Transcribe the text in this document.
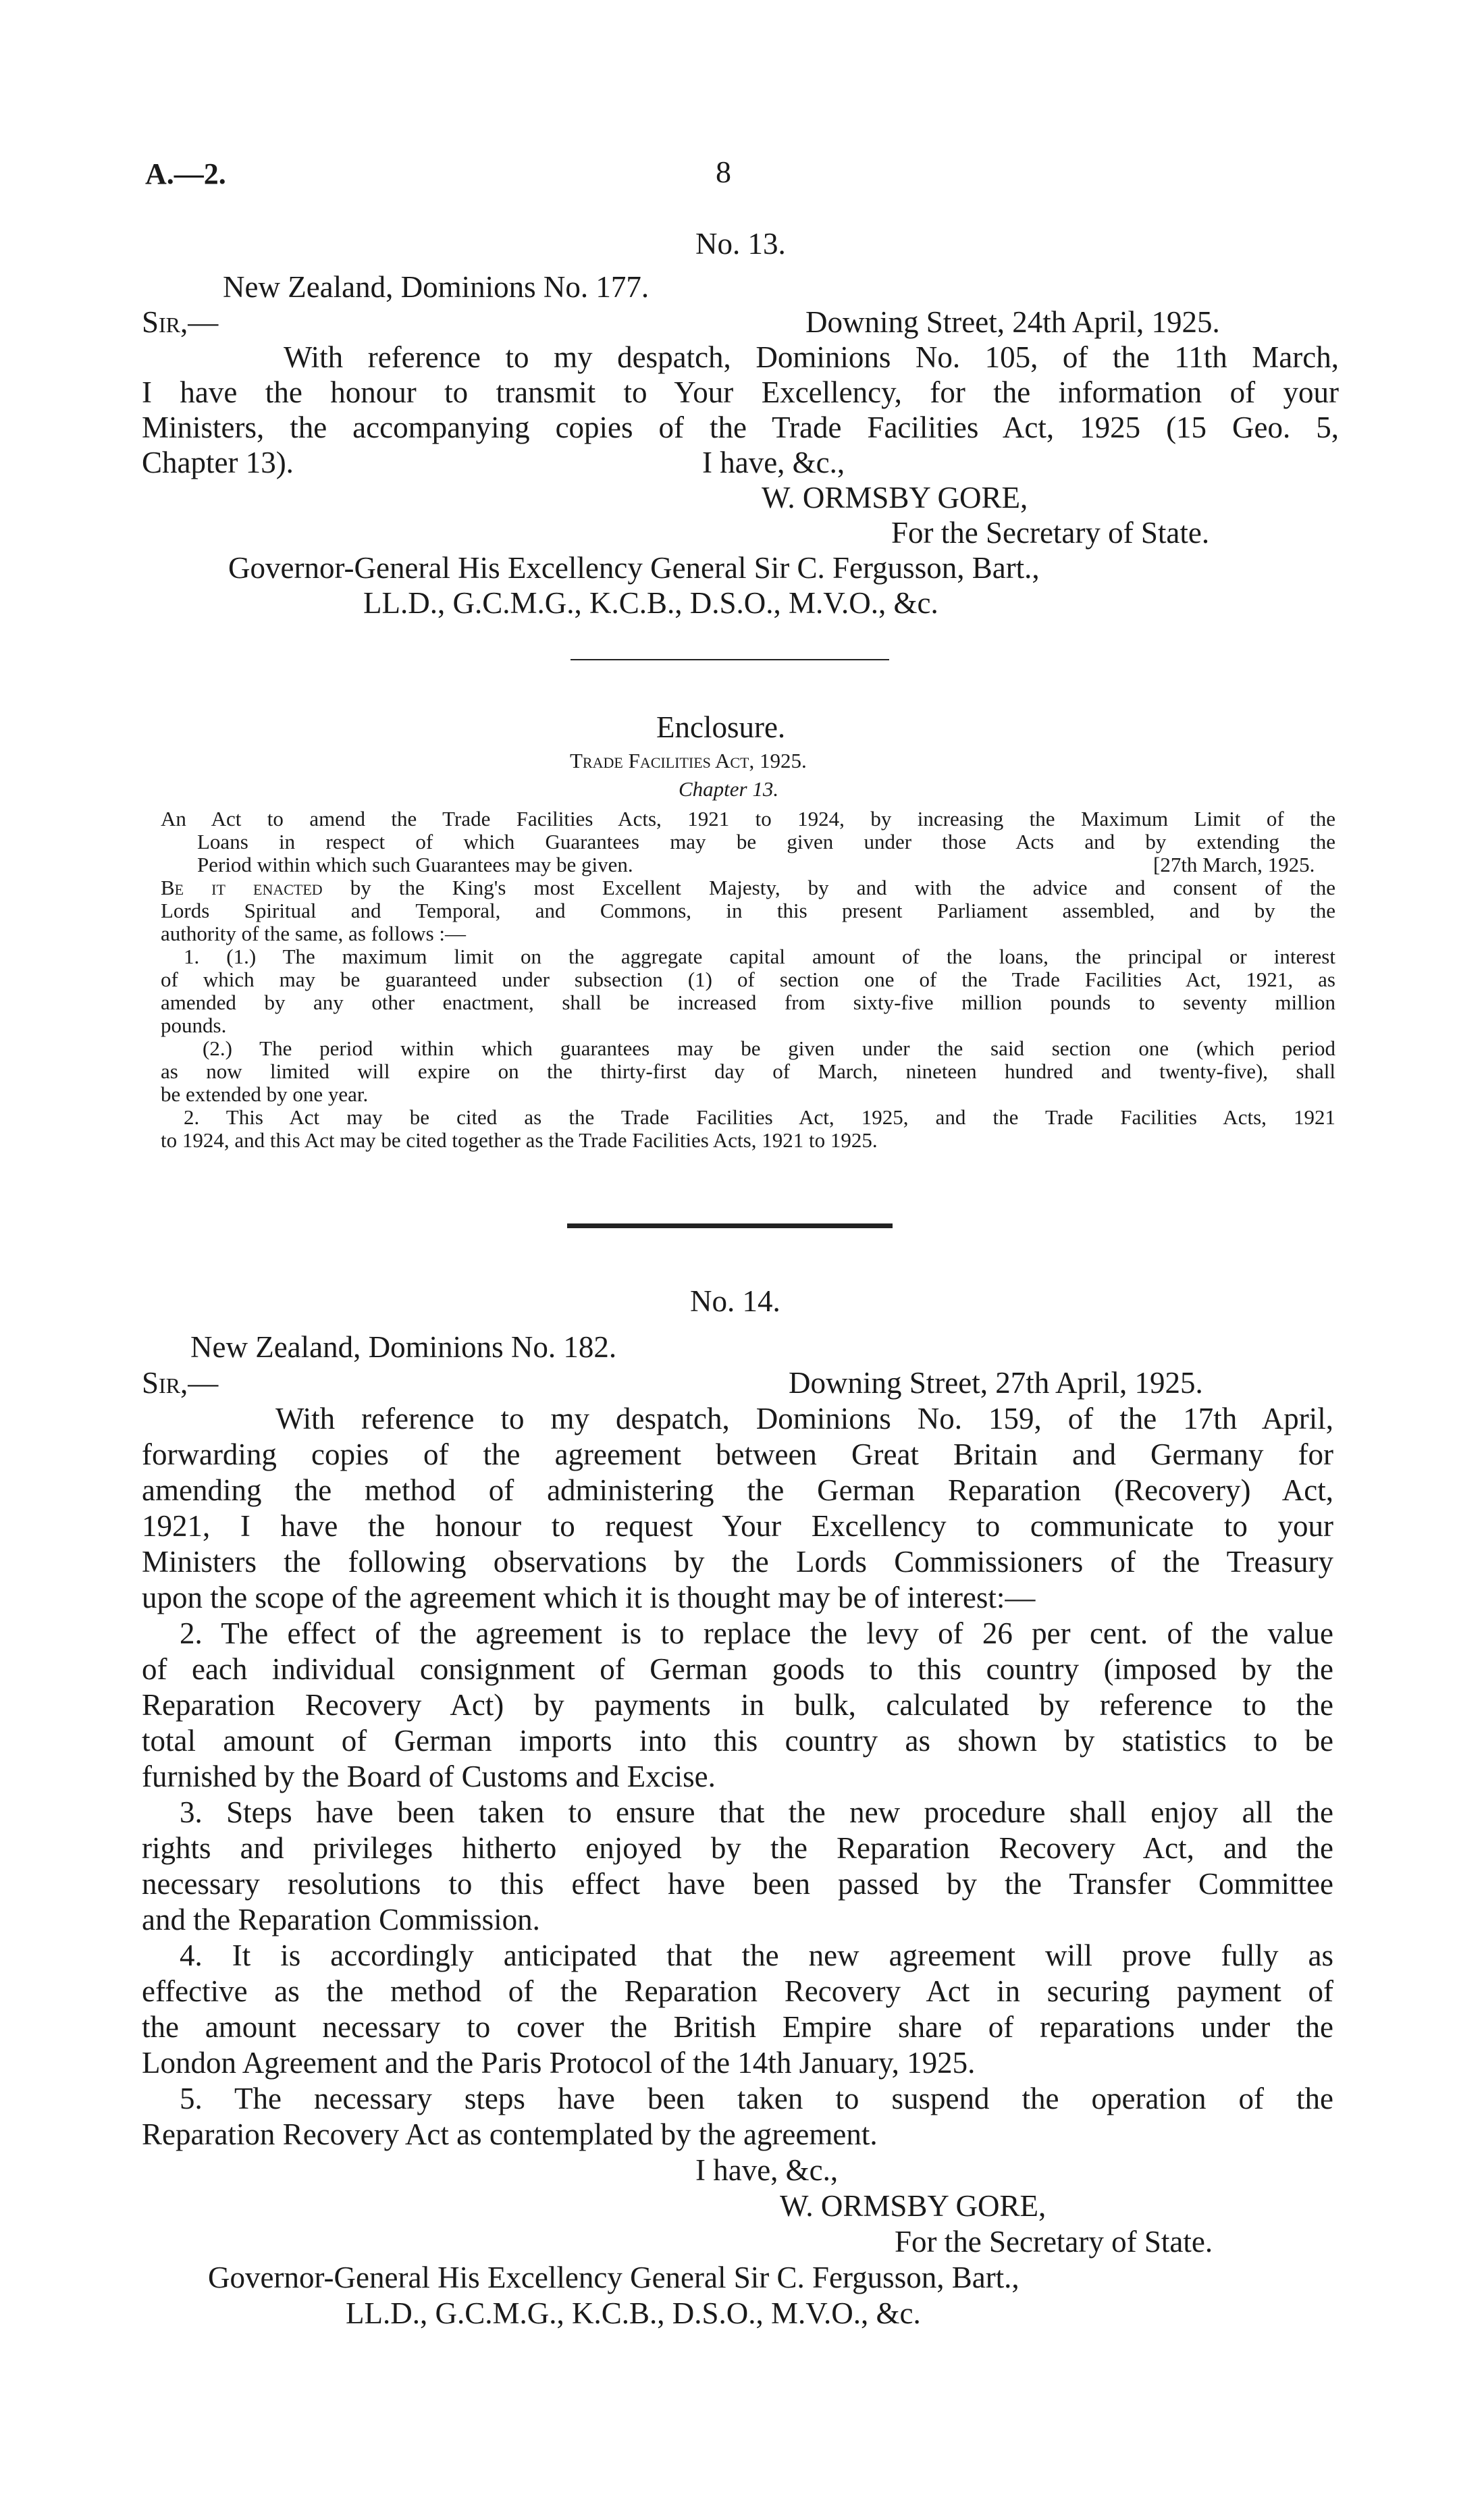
A.—2.	8
No. 13.
New Zealand, Dominions No. 177.
Sir,—	Downing Street, 24th April, 1925.
With reference to my despatch, Dominions No. 105, of the 11th March,
I have the honour to transmit to Your Excellency, for the information of your
Ministers, the accompanying copies of the Trade Facilities Act, 1925 (15 Geo. 5,
Chapter 13).	I have, &c.,
W. ORMSBY GORE,
For the Secretary of State.
Governor-General His Excellency General Sir C. Fergusson, Bart.,
LL.D., G.C.M.G., K.C.B., D.S.O., M.V.O., &c.
Enclosure.
Trade Facilities Act, 1925.
Chapter 13.
An Act to amend the Trade Facilities Acts, 1921 to 1924, by increasing the Maximum Limit of the
Loans in respect of which Guarantees may be given under those Acts and by extending the
Period within which such Guarantees may be given.	[27th March, 1925.
Be it enacted by the King's most Excellent Majesty, by and with the advice and consent of the
Lords Spiritual and Temporal, and Commons, in this present Parliament assembled, and by the
authority of the same, as follows :—
1. (1.) The maximum limit on the aggregate capital amount of the loans, the principal or interest
of which may be guaranteed under subsection (1) of section one of the Trade Facilities Act, 1921, as
amended by any other enactment, shall be increased from sixty-five million pounds to seventy million
pounds.
(2.) The period within which guarantees may be given under the said section one (which period
as now limited will expire on the thirty-first day of March, nineteen hundred and twenty-five), shall
be extended by one year.
2. This Act may be cited as the Trade Facilities Act, 1925, and the Trade Facilities Acts, 1921
to 1924, and this Act may be cited together as the Trade Facilities Acts, 1921 to 1925.
No. 14.
New Zealand, Dominions No. 182.
Sir,—	Downing Street, 27th April, 1925.
With reference to my despatch, Dominions No. 159, of the 17th April,
forwarding copies of the agreement between Great Britain and Germany for
amending the method of administering the German Reparation (Recovery) Act,
1921, I have the honour to request Your Excellency to communicate to your
Ministers the following observations by the Lords Commissioners of the Treasury
upon the scope of the agreement which it is thought may be of interest:—
2. The effect of the agreement is to replace the levy of 26 per cent. of the value
of each individual consignment of German goods to this country (imposed by the
Reparation Recovery Act) by payments in bulk, calculated by reference to the
total amount of German imports into this country as shown by statistics to be
furnished by the Board of Customs and Excise.
3. Steps have been taken to ensure that the new procedure shall enjoy all the
rights and privileges hitherto enjoyed by the Reparation Recovery Act, and the
necessary resolutions to this effect have been passed by the Transfer Committee
and the Reparation Commission.
4. It is accordingly anticipated that the new agreement will prove fully as
effective as the method of the Reparation Recovery Act in securing payment of
the amount necessary to cover the British Empire share of reparations under the
London Agreement and the Paris Protocol of the 14th January, 1925.
5. The necessary steps have been taken to suspend the operation of the
Reparation Recovery Act as contemplated by the agreement.
I have, &c.,
W. ORMSBY GORE,
For the Secretary of State.
Governor-General His Excellency General Sir C. Fergusson, Bart.,
LL.D., G.C.M.G., K.C.B., D.S.O., M.V.O., &c.
